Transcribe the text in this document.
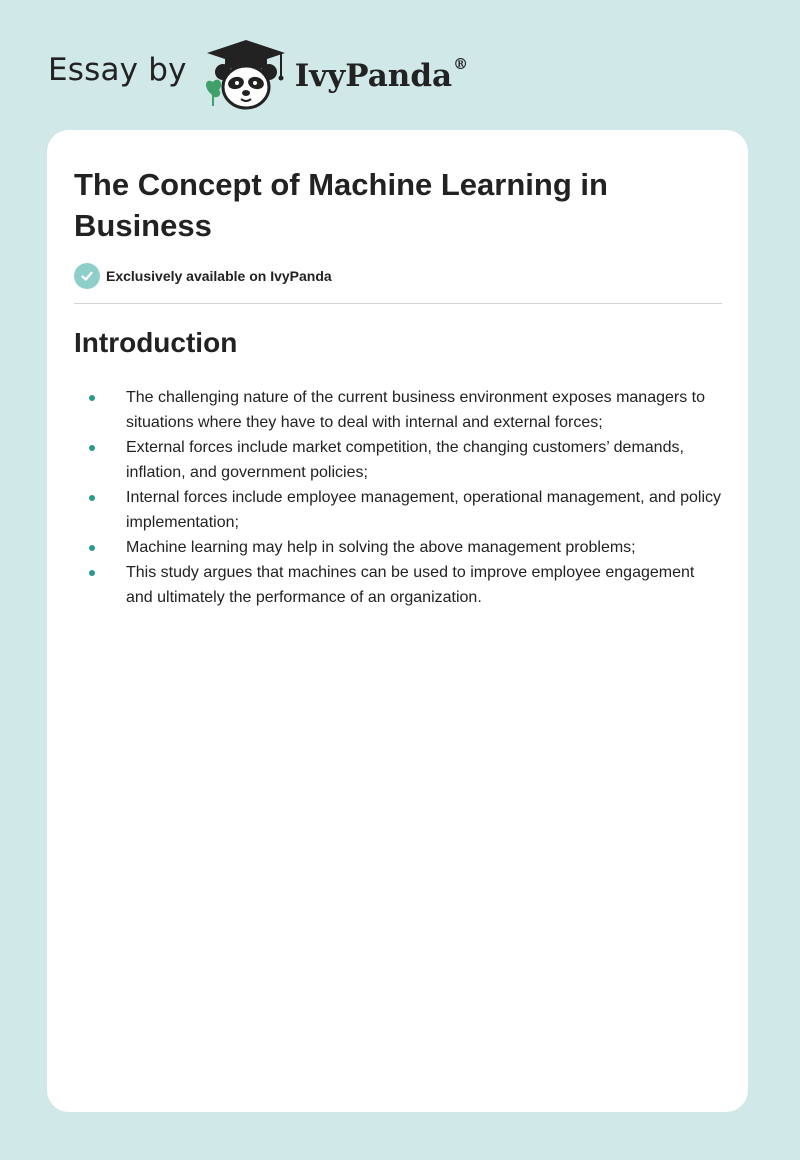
Essay by	IvyPanda®
The Concept of Machine Learning in Business
Exclusively available on IvyPanda
Introduction
The challenging nature of the current business environment exposes managers to situations where they have to deal with internal and external forces;
External forces include market competition, the changing customers’ demands, inflation, and government policies;
Internal forces include employee management, operational management, and policy implementation;
Machine learning may help in solving the above management problems;
This study argues that machines can be used to improve employee engagement and ultimately the performance of an organization.
